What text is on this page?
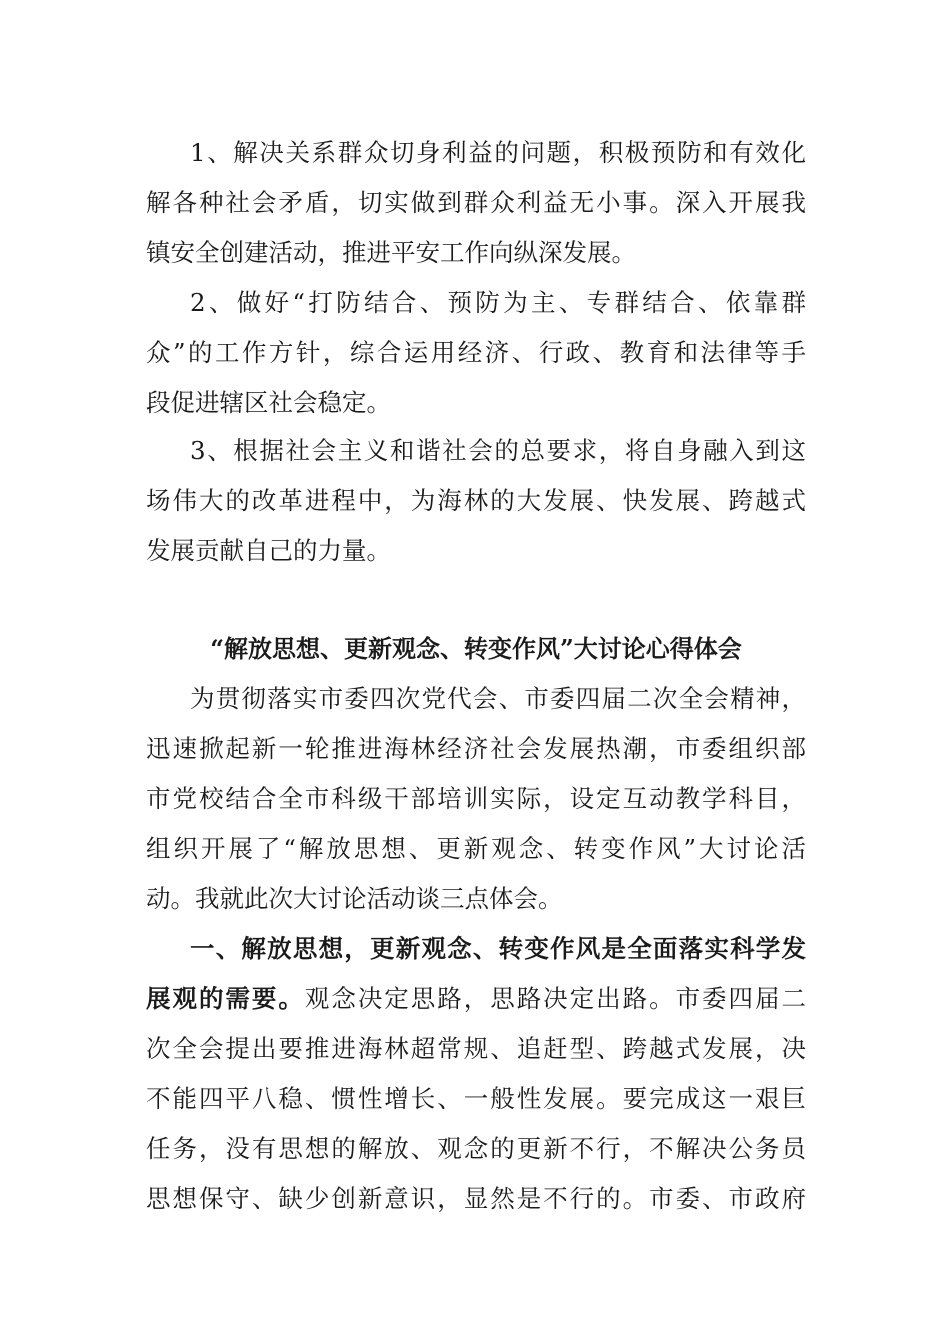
1、解决关系群众切身利益的问题，积极预防和有效化
解各种社会矛盾，切实做到群众利益无小事。深入开展我
镇安全创建活动，推进平安工作向纵深发展。
2、做好“打防结合、预防为主、专群结合、依靠群
众”的工作方针，综合运用经济、行政、教育和法律等手
段促进辖区社会稳定。
3、根据社会主义和谐社会的总要求，将自身融入到这
场伟大的改革进程中，为海林的大发展、快发展、跨越式
发展贡献自己的力量。
“解放思想、更新观念、转变作风”大讨论心得体会
为贯彻落实市委四次党代会、市委四届二次全会精神，
迅速掀起新一轮推进海林经济社会发展热潮，市委组织部
市党校结合全市科级干部培训实际，设定互动教学科目，
组织开展了“解放思想、更新观念、转变作风”大讨论活
动。我就此次大讨论活动谈三点体会。
一、解放思想，更新观念、转变作风是全面落实科学发
展观的需要。观念决定思路，思路决定出路。市委四届二
次全会提出要推进海林超常规、追赶型、跨越式发展，决
不能四平八稳、惯性增长、一般性发展。要完成这一艰巨
任务，没有思想的解放、观念的更新不行，不解决公务员
思想保守、缺少创新意识，显然是不行的。市委、市政府
